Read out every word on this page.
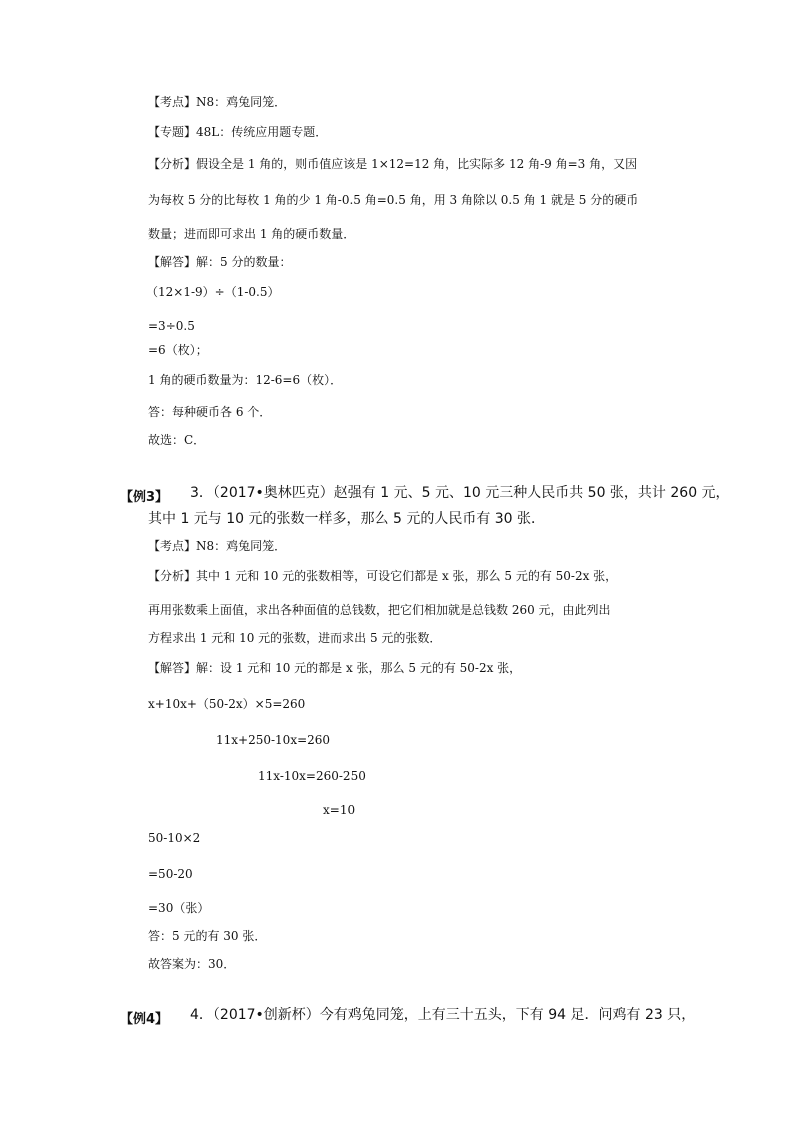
【考点】N8：鸡兔同笼．
【专题】48L：传统应用题专题．
【分析】假设全是 1 角的，则币值应该是 1×12=12 角，比实际多 12 角-9 角=3 角，又因
为每枚 5 分的比每枚 1 角的少 1 角-0.5 角=0.5 角，用 3 角除以 0.5 角 1 就是 5 分的硬币
数量；进而即可求出 1 角的硬币数量．
【解答】解：5 分的数量：
（12×1-9）÷（1-0.5）
=3÷0.5
=6（枚）；
1 角的硬币数量为：12-6=6（枚）．
答：每种硬币各 6 个．
故选：C．
【例3】 3．（2017•奥林匹克）赵强有 1 元、5 元、10 元三种人民币共 50 张，共计 260 元，
其中 1 元与 10 元的张数一样多，那么 5 元的人民币有 30 张．
【考点】N8：鸡兔同笼．
【分析】其中 1 元和 10 元的张数相等，可设它们都是 x 张，那么 5 元的有 50-2x 张，
再用张数乘上面值，求出各种面值的总钱数，把它们相加就是总钱数 260 元，由此列出
方程求出 1 元和 10 元的张数，进而求出 5 元的张数．
【解答】解：设 1 元和 10 元的都是 x 张，那么 5 元的有 50-2x 张，
x+10x+（50-2x）×5=260
11x+250-10x=260
11x-10x=260-250
x=10
50-10×2
=50-20
=30（张）
答：5 元的有 30 张．
故答案为：30．
【例4】 4．（2017•创新杯）今有鸡兔同笼，上有三十五头，下有 94 足．问鸡有 23 只，
